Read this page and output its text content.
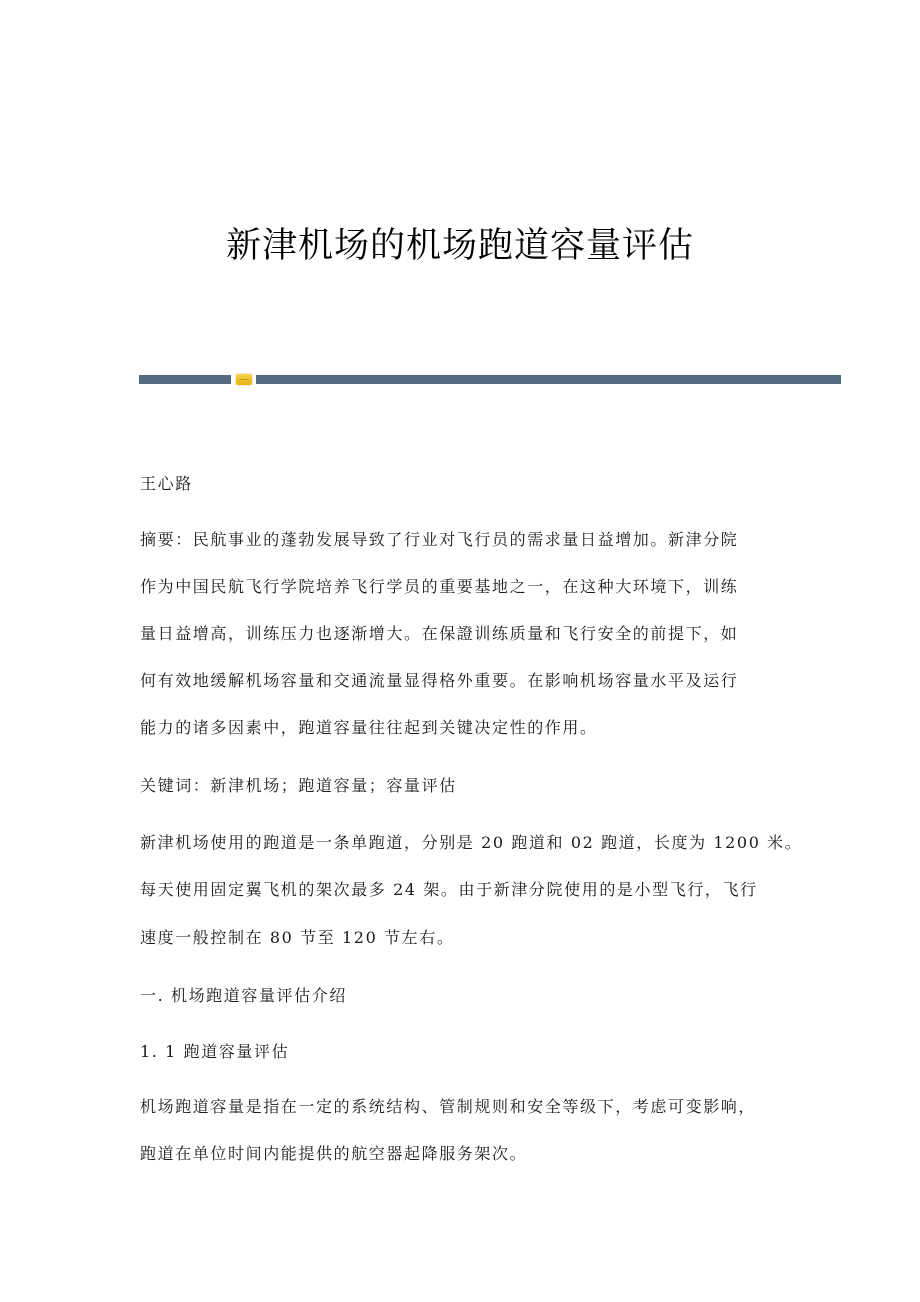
新津机场的机场跑道容量评估
王心路
摘要：民航事业的蓬勃发展导致了行业对飞行员的需求量日益增加。新津分院
作为中国民航飞行学院培养飞行学员的重要基地之一，在这种大环境下，训练
量日益增高，训练压力也逐渐增大。在保證训练质量和飞行安全的前提下，如
何有效地缓解机场容量和交通流量显得格外重要。在影响机场容量水平及运行
能力的诸多因素中，跑道容量往往起到关键决定性的作用。
关键词：新津机场；跑道容量；容量评估
新津机场使用的跑道是一条单跑道，分别是 20 跑道和 02 跑道，长度为 1200 米。
每天使用固定翼飞机的架次最多 24 架。由于新津分院使用的是小型飞行，飞行
速度一般控制在 80 节至 120 节左右。
一. 机场跑道容量评估介绍
1. 1 跑道容量评估
机场跑道容量是指在一定的系统结构、管制规则和安全等级下，考虑可变影响，
跑道在单位时间内能提供的航空器起降服务架次。
